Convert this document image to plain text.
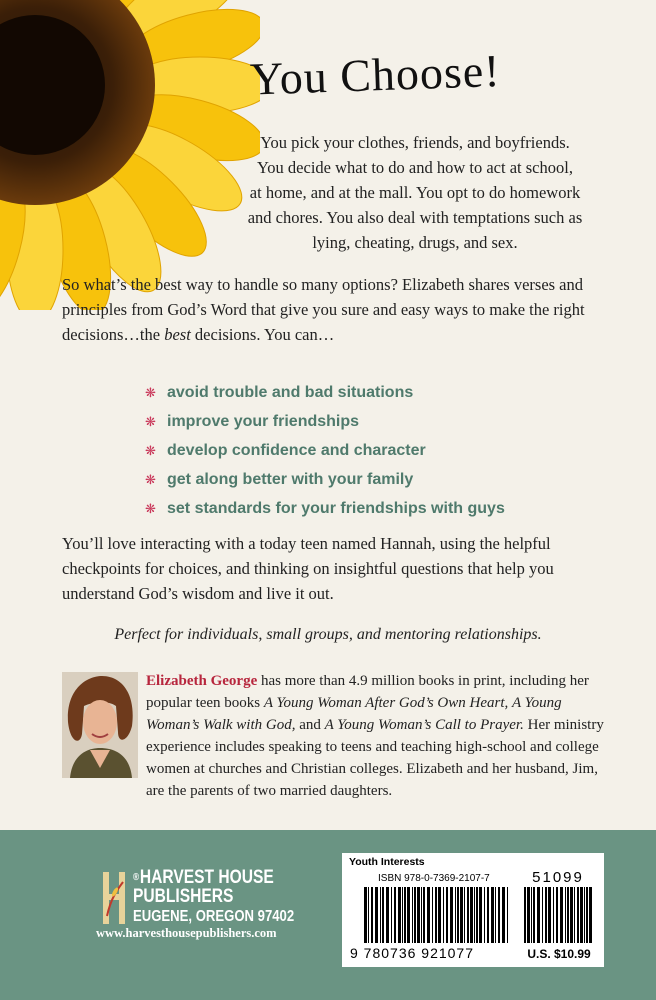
You Choose!

You pick your clothes, friends, and boyfriends.

You decide what to do and how to act at school,

at home, and at the mall. You opt to do homework

and chores. You also deal with temptations such as

lying, cheating, drugs, and sex.

So what’s the best way to handle so many options? Elizabeth shares verses and principles from God’s Word that give you sure and easy ways to make the right decisions…the best decisions. You can…

❋ avoid trouble and bad situations
❋ improve your friendships
❋ develop confidence and character
❋ get along better with your family
❋ set standards for your friendships with guys

You’ll love interacting with a today teen named Hannah, using the helpful checkpoints for choices, and thinking on insightful questions that help you understand God’s wisdom and live it out.

Perfect for individuals, small groups, and mentoring relationships.
Elizabeth George has more than 4.9 million books in print, including her popular teen books A Young Woman After God’s Own Heart, A Young Woman’s Walk with God, and A Young Woman’s Call to Prayer. Her ministry experience includes speaking to teens and teaching high-school and college women at churches and Christian colleges. Elizabeth and her husband, Jim, are the parents of two married daughters.
® HARVEST HOUSE
PUBLISHERS
EUGENE, OREGON 97402
www.harvesthousepublishers.com
Youth Interests
ISBN 978-0-7369-2107-7
9 780736 921077
51099
U.S. $10.99
